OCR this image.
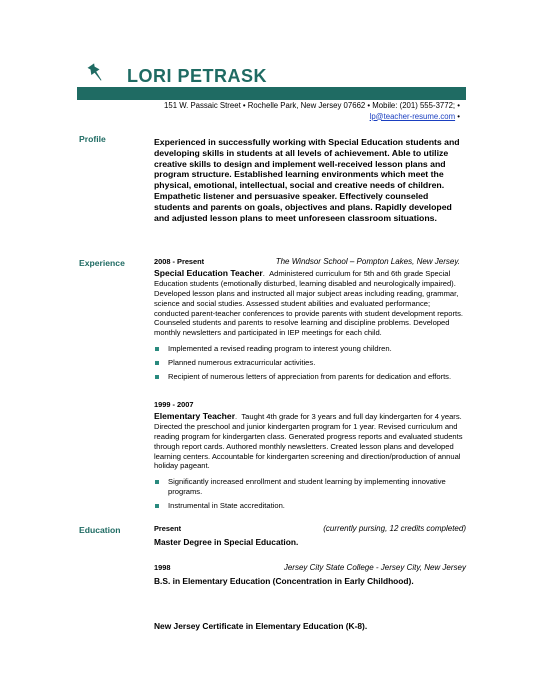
LORI PETRASK
151 W. Passaic Street • Rochelle Park, New Jersey 07662 • Mobile: (201) 555-3772; •
lp@teacher-resume.com •
Profile	Experienced in successfully working with Special Education students and developing skills in students at all levels of achievement. Able to utilize creative skills to design and implement well-received lesson plans and program structure. Established learning environments which meet the physical, emotional, intellectual, social and creative needs of children. Empathetic listener and persuasive speaker. Effectively counseled students and parents on goals, objectives and plans. Rapidly developed and adjusted lesson plans to meet unforeseen classroom situations.
Experience	2008 - Present	The Windsor School – Pompton Lakes, New Jersey.
Special Education Teacher.  Administered curriculum for 5th and 6th grade Special Education students (emotionally disturbed, learning disabled and neurologically impaired). Developed lesson plans and instructed all major subject areas including reading, grammar, science and social studies. Assessed student abilities and evaluated performance; conducted parent-teacher conferences to provide parents with student development reports. Counseled students and parents to resolve learning and discipline problems. Developed monthly newsletters and participated in IEP meetings for each child.
Implemented a revised reading program to interest young children.
Planned numerous extracurricular activities.
Recipient of numerous letters of appreciation from parents for dedication and efforts.
1999 - 2007
Elementary Teacher.  Taught 4th grade for 3 years and full day kindergarten for 4 years. Directed the preschool and junior kindergarten program for 1 year. Revised curriculum and reading program for kindergarten class. Generated progress reports and evaluated students through report cards. Authored monthly newsletters. Created lesson plans and developed learning centers. Accountable for kindergarten screening and direction/production of annual holiday pageant.
Significantly increased enrollment and student learning by implementing innovative programs.
Instrumental in State accreditation.
Education	Present	(currently pursing, 12 credits completed)
Master Degree in Special Education.
1998	Jersey City State College - Jersey City, New Jersey
B.S. in Elementary Education (Concentration in Early Childhood).
New Jersey Certificate in Elementary Education (K-8).
